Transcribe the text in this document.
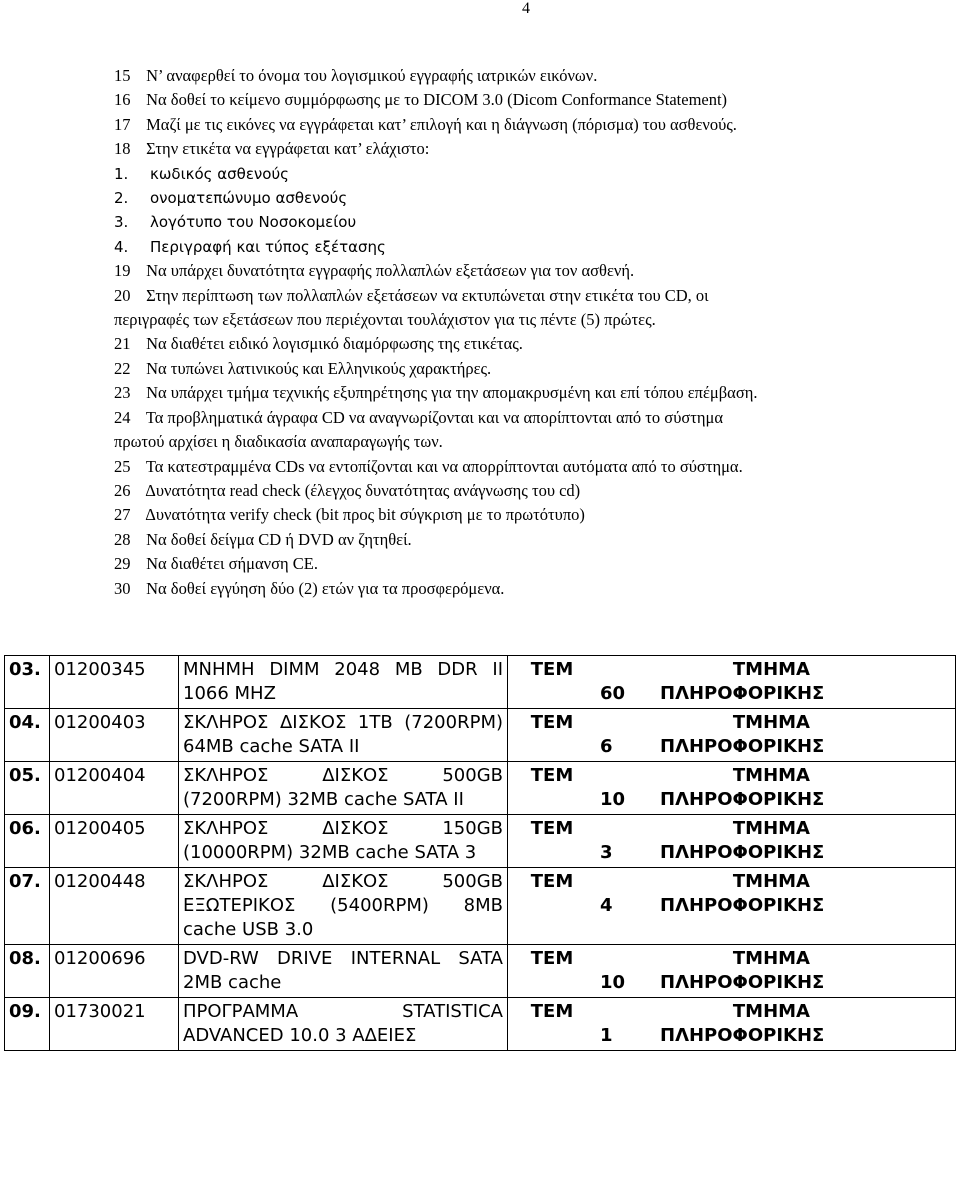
4
15 Ν’ αναφερθεί το όνομα του λογισμικού εγγραφής ιατρικών εικόνων.
16 Να δοθεί το κείμενο συμμόρφωσης με το DICOM 3.0 (Dicom Conformance Statement)
17 Μαζί με τις εικόνες να εγγράφεται κατ’ επιλογή και η διάγνωση (πόρισμα) του ασθενούς.
18 Στην ετικέτα να εγγράφεται κατ’ ελάχιστο:
1. κωδικός ασθενούς
2. ονοματεπώνυμο ασθενούς
3. λογότυπο του Νοσοκομείου
4. Περιγραφή και τύπος εξέτασης
19 Να υπάρχει δυνατότητα εγγραφής πολλαπλών εξετάσεων για τον ασθενή.
20 Στην περίπτωση των πολλαπλών εξετάσεων να εκτυπώνεται στην ετικέτα του CD, οι
περιγραφές των εξετάσεων που περιέχονται τουλάχιστον για τις πέντε (5) πρώτες.
21 Να διαθέτει ειδικό λογισμικό διαμόρφωσης της ετικέτας.
22 Να τυπώνει λατινικούς και Ελληνικούς χαρακτήρες.
23 Να υπάρχει τμήμα τεχνικής εξυπηρέτησης για την απομακρυσμένη και επί τόπου επέμβαση.
24 Τα προβληματικά άγραφα CD να αναγνωρίζονται και να απορίπτονται από το σύστημα
πρωτού αρχίσει η διαδικασία αναπαραγωγής των.
25 Τα κατεστραμμένα CDs να εντοπίζονται και να απορρίπτονται αυτόματα από το σύστημα.
26 Δυνατότητα read check (έλεγχος δυνατότητας ανάγνωσης του cd)
27 Δυνατότητα verify check (bit προς bit σύγκριση με το πρωτότυπο)
28 Να δοθεί δείγμα CD ή DVD αν ζητηθεί.
29 Να διαθέτει σήμανση CE.
30 Να δοθεί εγγύηση δύο (2) ετών για τα προσφερόμενα.
03.	01200345	ΜΝΗΜΗ DIMM 2048 MB DDR II 1066 MHZ	ΤΕΜ	60ΤΜΗΜΑ ΠΛΗΡΟΦΟΡΙΚΗΣ
04.	01200403	ΣΚΛΗΡΟΣ ΔΙΣΚΟΣ 1TB (7200RPM) 64MB cache SATA II	ΤΕΜ	6ΤΜΗΜΑ ΠΛΗΡΟΦΟΡΙΚΗΣ
05.	01200404	ΣΚΛΗΡΟΣ ΔΙΣΚΟΣ 500GB (7200RPM) 32MB cache SATA II	ΤΕΜ	10ΤΜΗΜΑ ΠΛΗΡΟΦΟΡΙΚΗΣ
06.	01200405	ΣΚΛΗΡΟΣ ΔΙΣΚΟΣ 150GB (10000RPM) 32MB cache SATA 3	ΤΕΜ	3ΤΜΗΜΑ ΠΛΗΡΟΦΟΡΙΚΗΣ
07.	01200448	ΣΚΛΗΡΟΣ ΔΙΣΚΟΣ 500GB ΕΞΩΤΕΡΙΚΟΣ (5400RPM) 8MB cache USB 3.0	ΤΕΜ	4ΤΜΗΜΑ ΠΛΗΡΟΦΟΡΙΚΗΣ
08.	01200696	DVD-RW DRIVE INTERNAL SATA 2MB cache	ΤΕΜ	10ΤΜΗΜΑ ΠΛΗΡΟΦΟΡΙΚΗΣ
09.	01730021	ΠΡΟΓΡΑΜΜΑ STATISTICA ADVANCED 10.0 3 ΑΔΕΙΕΣ	ΤΕΜ	1ΤΜΗΜΑ ΠΛΗΡΟΦΟΡΙΚΗΣ
